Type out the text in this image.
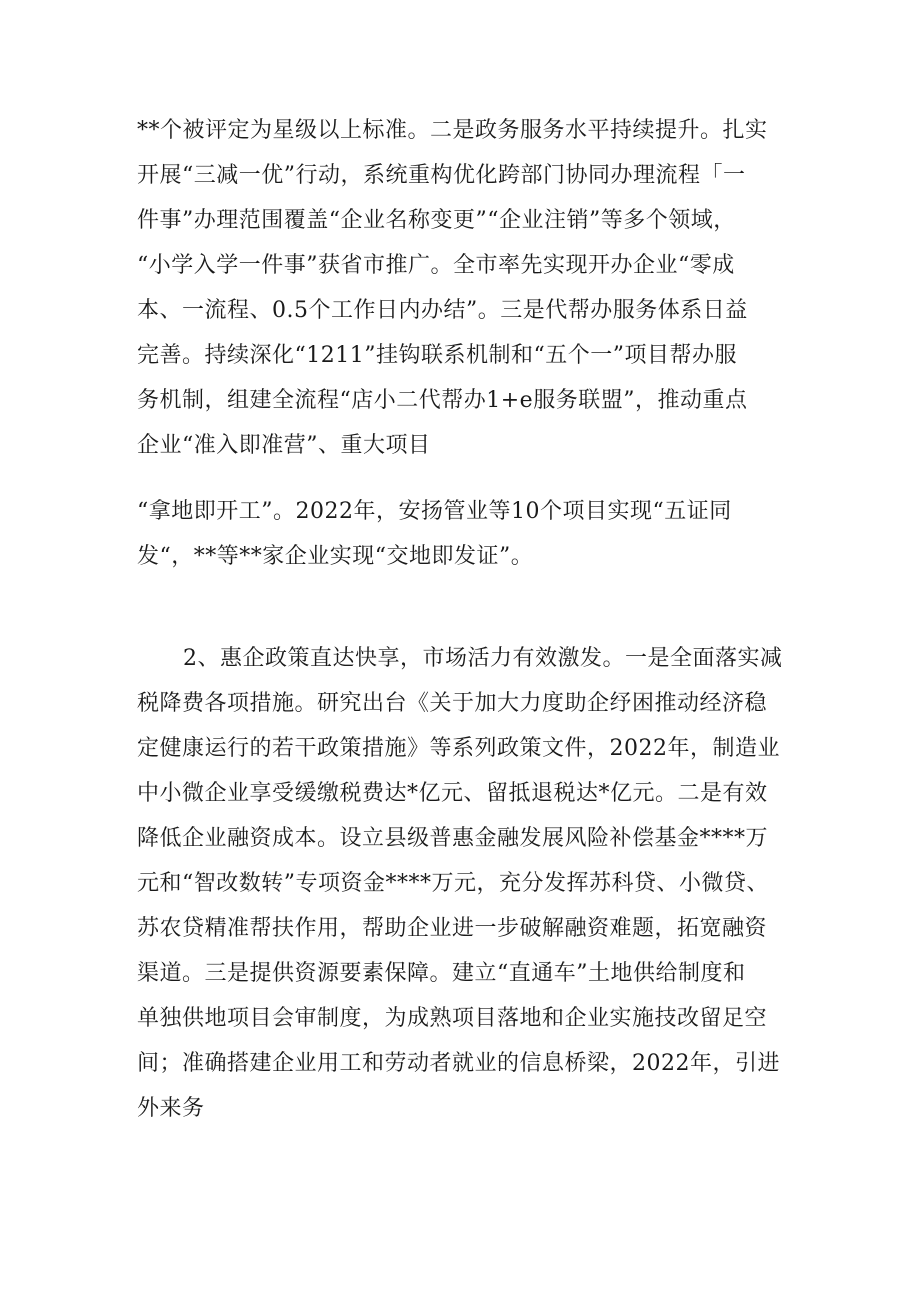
**个被评定为星级以上标准。二是政务服务水平持续提升。扎实
开展“三减一优”行动，系统重构优化跨部门协同办理流程「一
件事”办理范围覆盖“企业名称变更”“企业注销”等多个领域，
“小学入学一件事”获省市推广。全市率先实现开办企业“零成
本、一流程、0.5个工作日内办结”。三是代帮办服务体系日益
完善。持续深化“1211”挂钩联系机制和“五个一”项目帮办服
务机制，组建全流程“店小二代帮办1+e服务联盟”，推动重点
企业“准入即准营”、重大项目
“拿地即开工”。2022年，安扬管业等10个项目实现“五证同
发“，**等**家企业实现“交地即发证”。
2、惠企政策直达快享，市场活力有效激发。一是全面落实减
税降费各项措施。研究出台《关于加大力度助企纾困推动经济稳
定健康运行的若干政策措施》等系列政策文件，2022年，制造业
中小微企业享受缓缴税费达*亿元、留抵退税达*亿元。二是有效
降低企业融资成本。设立县级普惠金融发展风险补偿基金****万
元和“智改数转”专项资金****万元，充分发挥苏科贷、小微贷、
苏农贷精准帮扶作用，帮助企业进一步破解融资难题，拓宽融资
渠道。三是提供资源要素保障。建立“直通车”土地供给制度和
单独供地项目会审制度，为成熟项目落地和企业实施技改留足空
间；准确搭建企业用工和劳动者就业的信息桥梁，2022年，引进
外来务
